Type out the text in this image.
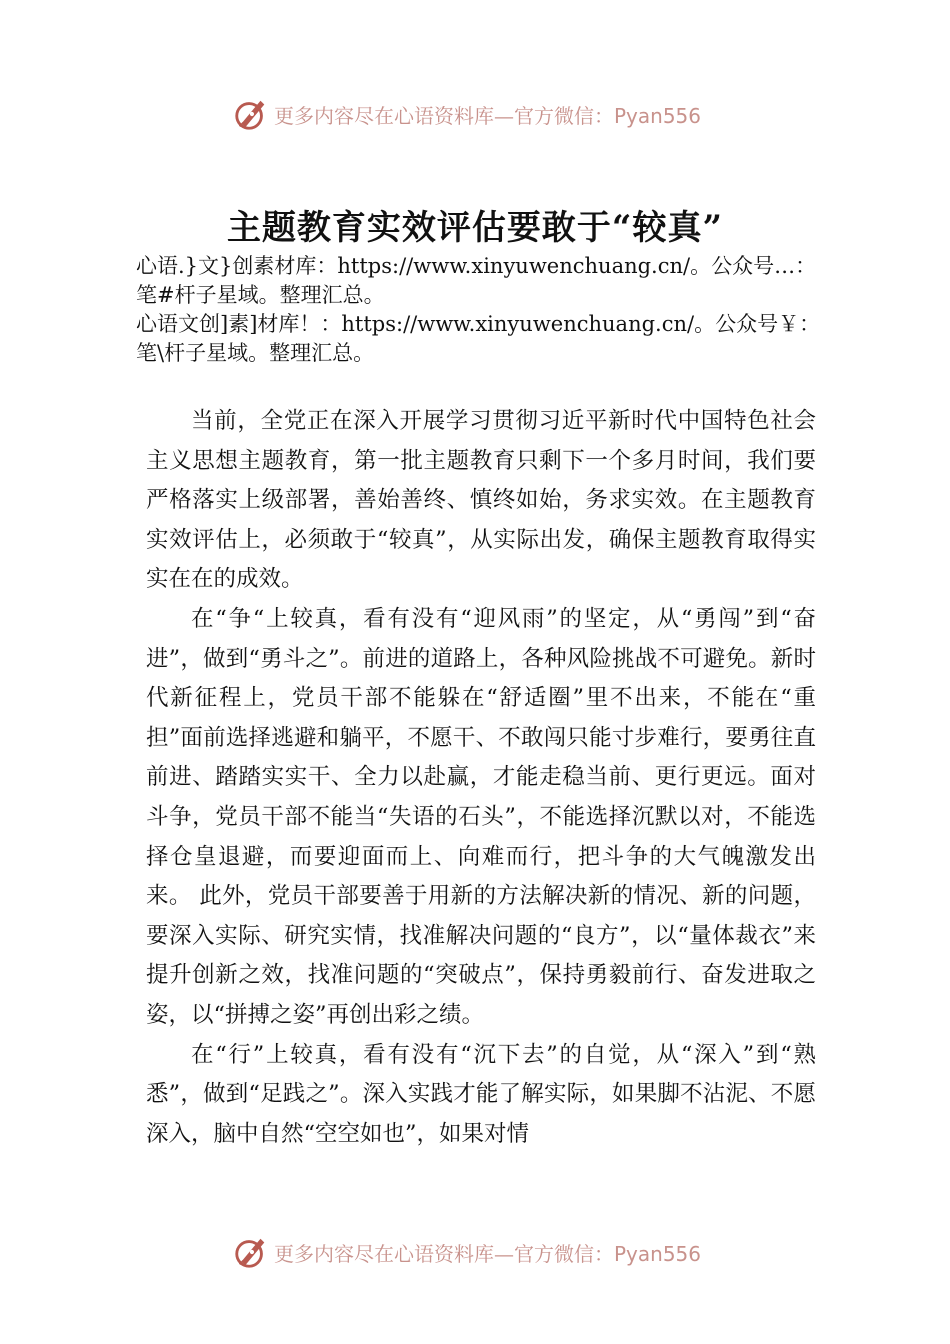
更多内容尽在心语资料库—官方微信：Pyan556
主题教育实效评估要敢于“较真”

心语.}文}创素材库：https://www.xinyuwenchuang.cn/。公众号…：笔#杆子星域。整理汇总。

心语文创]素]材库！：https://www.xinyuwenchuang.cn/。公众号￥：笔\杆子星域。整理汇总。

当前，全党正在深入开展学习贯彻习近平新时代中国特色社会主义思想主题教育，第一批主题教育只剩下一个多月时间，我们要严格落实上级部署，善始善终、慎终如始，务求实效。在主题教育实效评估上，必须敢于“较真”，从实际出发，确保主题教育取得实实在在的成效。

在“争“上较真，看有没有“迎风雨”的坚定，从“勇闯”到“奋进”，做到“勇斗之”。前进的道路上，各种风险挑战不可避免。新时代新征程上，党员干部不能躲在“舒适圈”里不出来，不能在“重担”面前选择逃避和躺平，不愿干、不敢闯只能寸步难行，要勇往直前进、踏踏实实干、全力以赴赢，才能走稳当前、更行更远。面对斗争，党员干部不能当“失语的石头”，不能选择沉默以对，不能选择仓皇退避，而要迎面而上、向难而行，把斗争的大气魄激发出来。 此外，党员干部要善于用新的方法解决新的情况、新的问题， 要深入实际、研究实情，找准解决问题的“良方”，以“量体裁衣”来提升创新之效，找准问题的“突破点”，保持勇毅前行、奋发进取之姿，以“拼搏之姿”再创出彩之绩。

在“行”上较真，看有没有“沉下去”的自觉，从“深入”到“熟悉”，做到“足践之”。深入实践才能了解实际，如果脚不沾泥、不愿深入，脑中自然“空空如也”，如果对情

更多内容尽在心语资料库—官方微信：Pyan556
